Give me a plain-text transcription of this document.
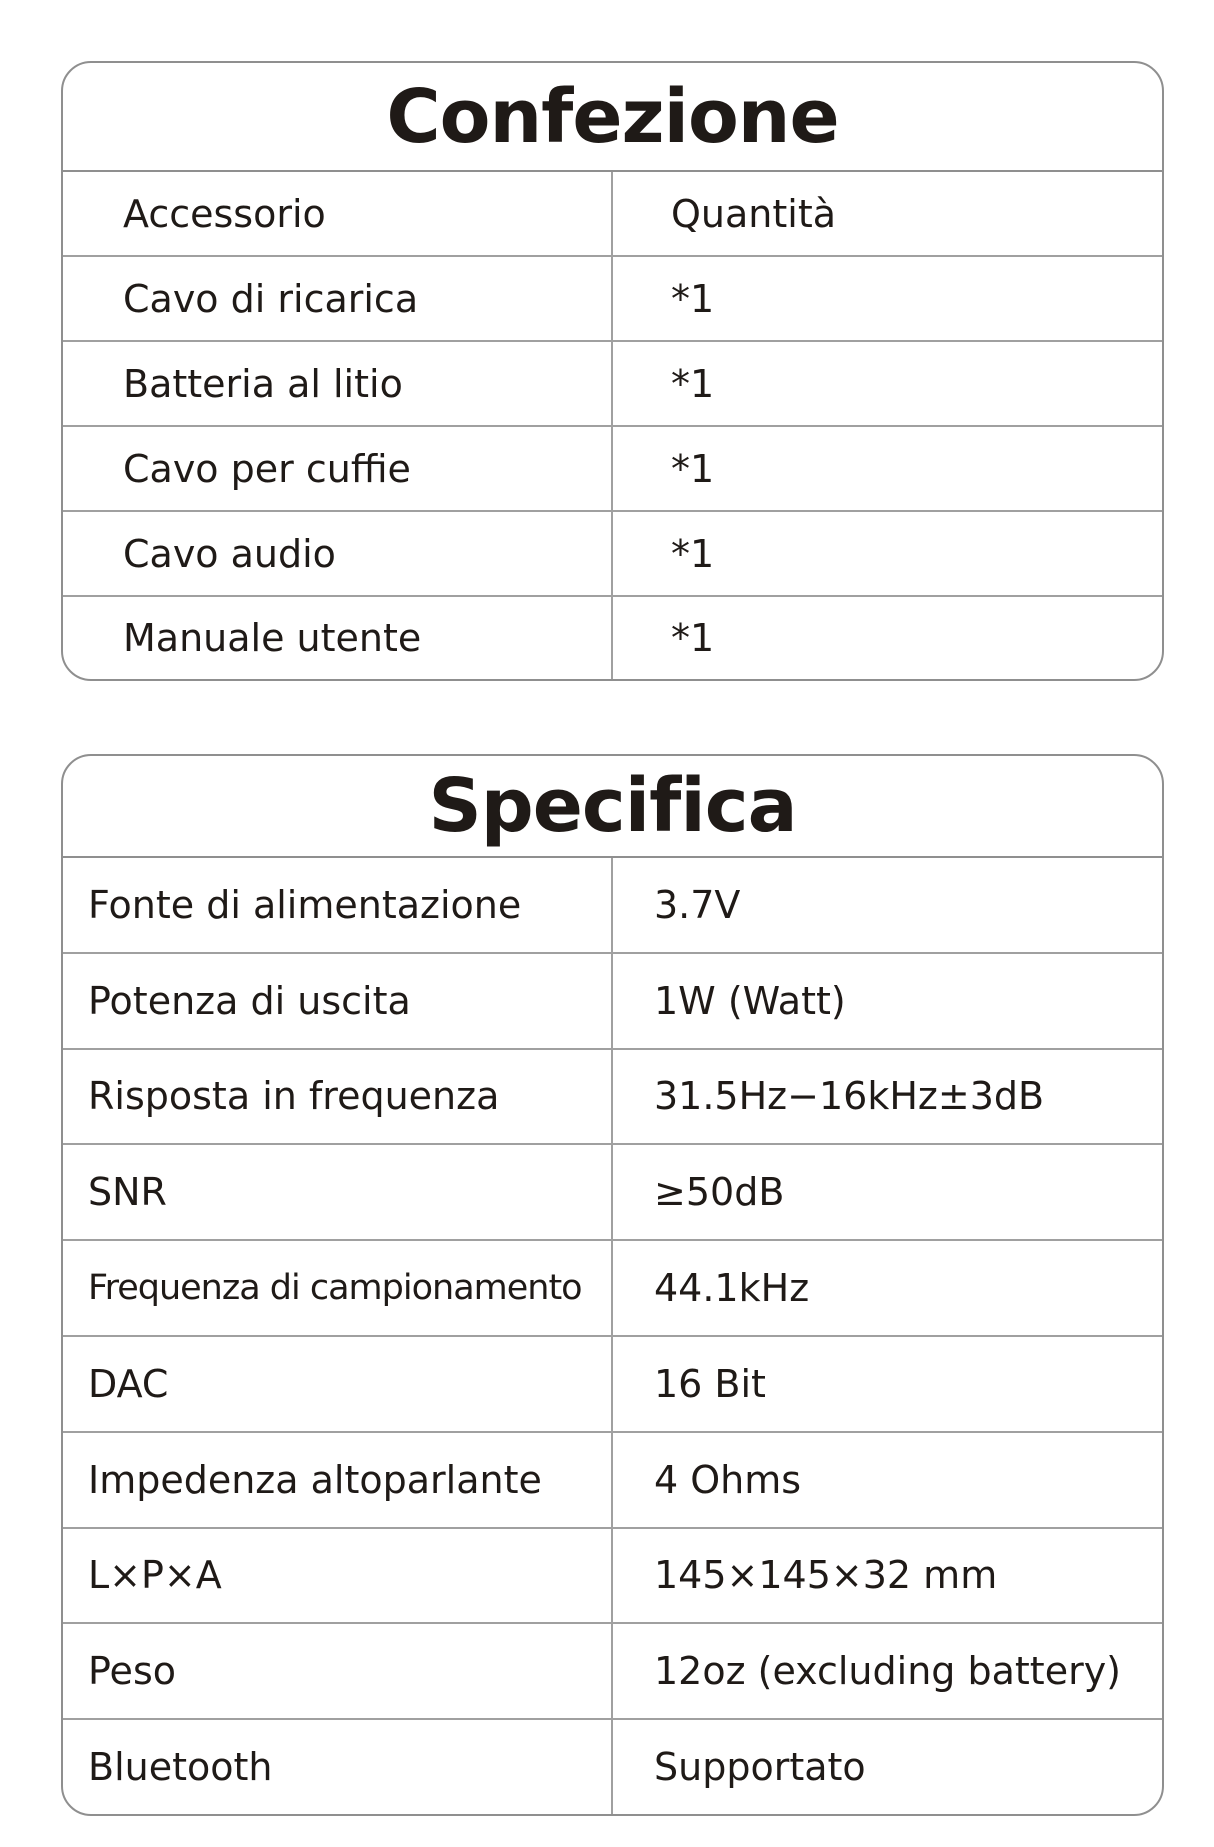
Confezione
Accessorio	Quantità
Cavo di ricarica	*1
Batteria al litio	*1
Cavo per cuffie	*1
Cavo audio	*1
Manuale utente	*1
Specifica
Fonte di alimentazione	3.7V
Potenza di uscita	1W (Watt)
Risposta in frequenza	31.5Hz−16kHz±3dB
SNR	≥50dB
Frequenza di campionamento	44.1kHz
DAC	16 Bit
Impedenza altoparlante	4 Ohms
L×P×A	145×145×32 mm
Peso	12oz (excluding battery)
Bluetooth	Supportato
